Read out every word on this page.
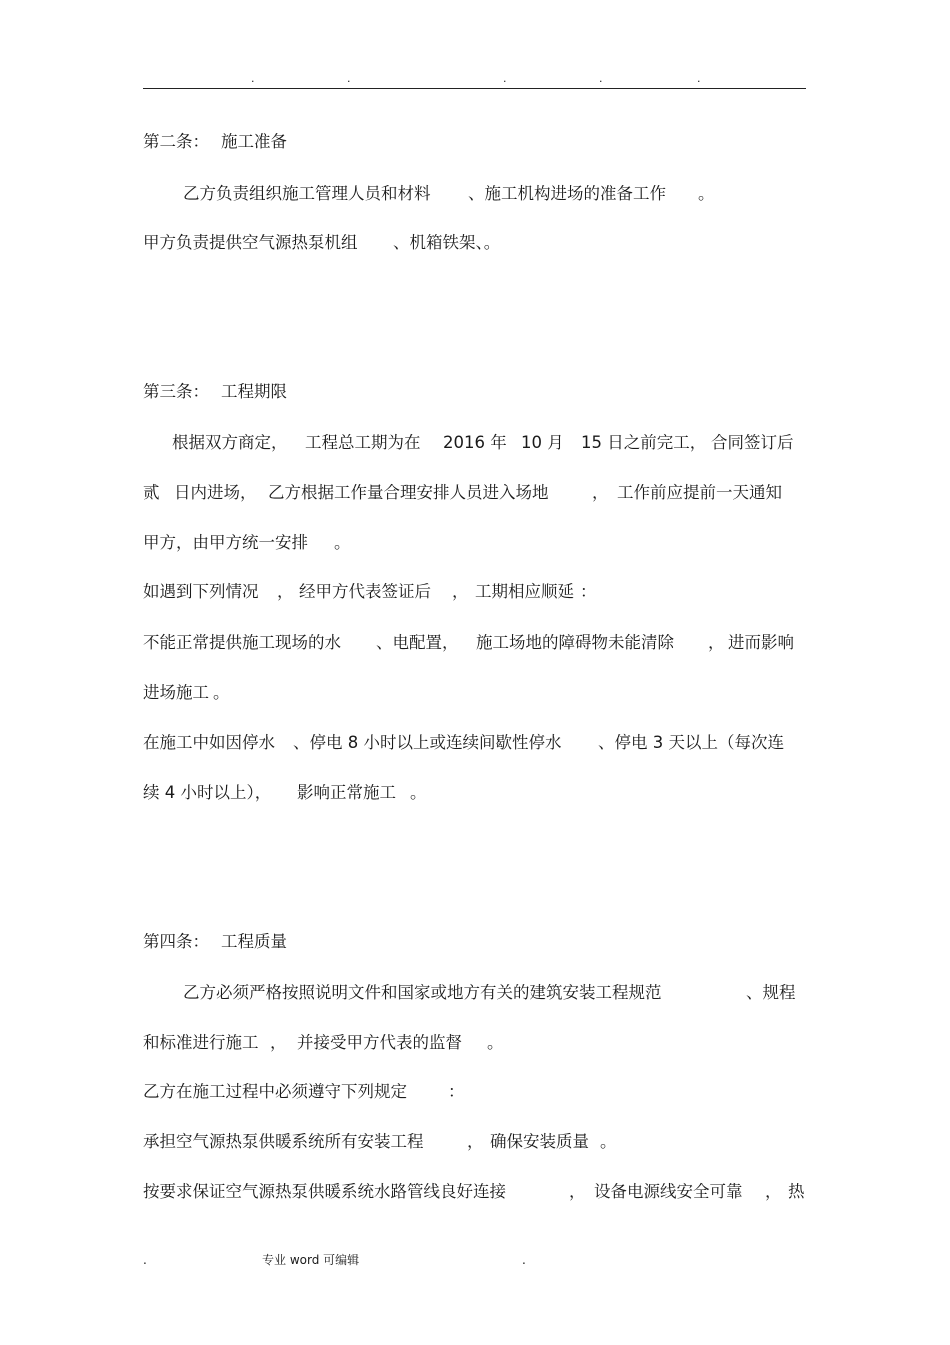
.	.	.	.	.

第二条：

施工准备

乙方负责组织施工管理人员和材料

、施工机构进场的准备工作

。

甲方负责提供空气源热泵机组

、机箱铁架、。

第三条：

工程期限

根据双方商定，

工程总工期为在

2016 年

10 月

15 日之前完工，

合同签订后

贰

日内进场，

乙方根据工作量合理安排人员进入场地

	，

工作前应提前一天通知

甲方，由甲方统一安排

。

如遇到下列情况

，

经甲方代表签证后

，

工期相应顺延

：

不能正常提供施工现场的水

、电配置，

施工场地的障碍物未能清除

，

进而影响

进场施工

。

在施工中如因停水

、停电 8 小时以上或连续间歇性停水

、停电 3 天以上（每次连

续 4 小时以上），

影响正常施工

。

第四条：

工程质量

乙方必须严格按照说明文件和国家或地方有关的建筑安装工程规范

	、规程

和标准进行施工

，

并接受甲方代表的监督

。

乙方在施工过程中必须遵守下列规定

：

承担空气源热泵供暖系统所有安装工程

	，

确保安装质量

。

按要求保证空气源热泵供暖系统水路管线良好连接

	，

设备电源线安全可靠

，

热

.	专业 word 可编辑	.
